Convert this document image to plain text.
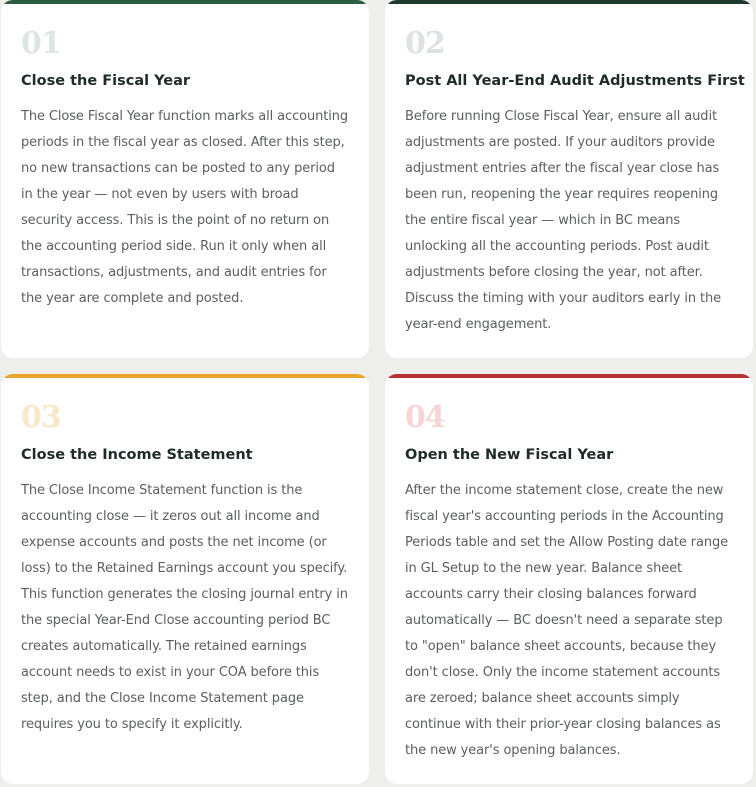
01
Close the Fiscal Year
The Close Fiscal Year function marks all accounting periods in the fiscal year as closed. After this step, no new transactions can be posted to any period in the year — not even by users with broad security access. This is the point of no return on the accounting period side. Run it only when all transactions, adjustments, and audit entries for the year are complete and posted.
02
Post All Year-End Audit Adjustments First
Before running Close Fiscal Year, ensure all audit adjustments are posted. If your auditors provide adjustment entries after the fiscal year close has been run, reopening the year requires reopening the entire fiscal year — which in BC means unlocking all the accounting periods. Post audit adjustments before closing the year, not after. Discuss the timing with your auditors early in the year-end engagement.
03
Close the Income Statement
The Close Income Statement function is the accounting close — it zeros out all income and expense accounts and posts the net income (or loss) to the Retained Earnings account you specify. This function generates the closing journal entry in the special Year-End Close accounting period BC creates automatically. The retained earnings account needs to exist in your COA before this step, and the Close Income Statement page requires you to specify it explicitly.
04
Open the New Fiscal Year
After the income statement close, create the new fiscal year's accounting periods in the Accounting Periods table and set the Allow Posting date range in GL Setup to the new year. Balance sheet accounts carry their closing balances forward automatically — BC doesn't need a separate step to "open" balance sheet accounts, because they don't close. Only the income statement accounts are zeroed; balance sheet accounts simply continue with their prior-year closing balances as the new year's opening balances.
